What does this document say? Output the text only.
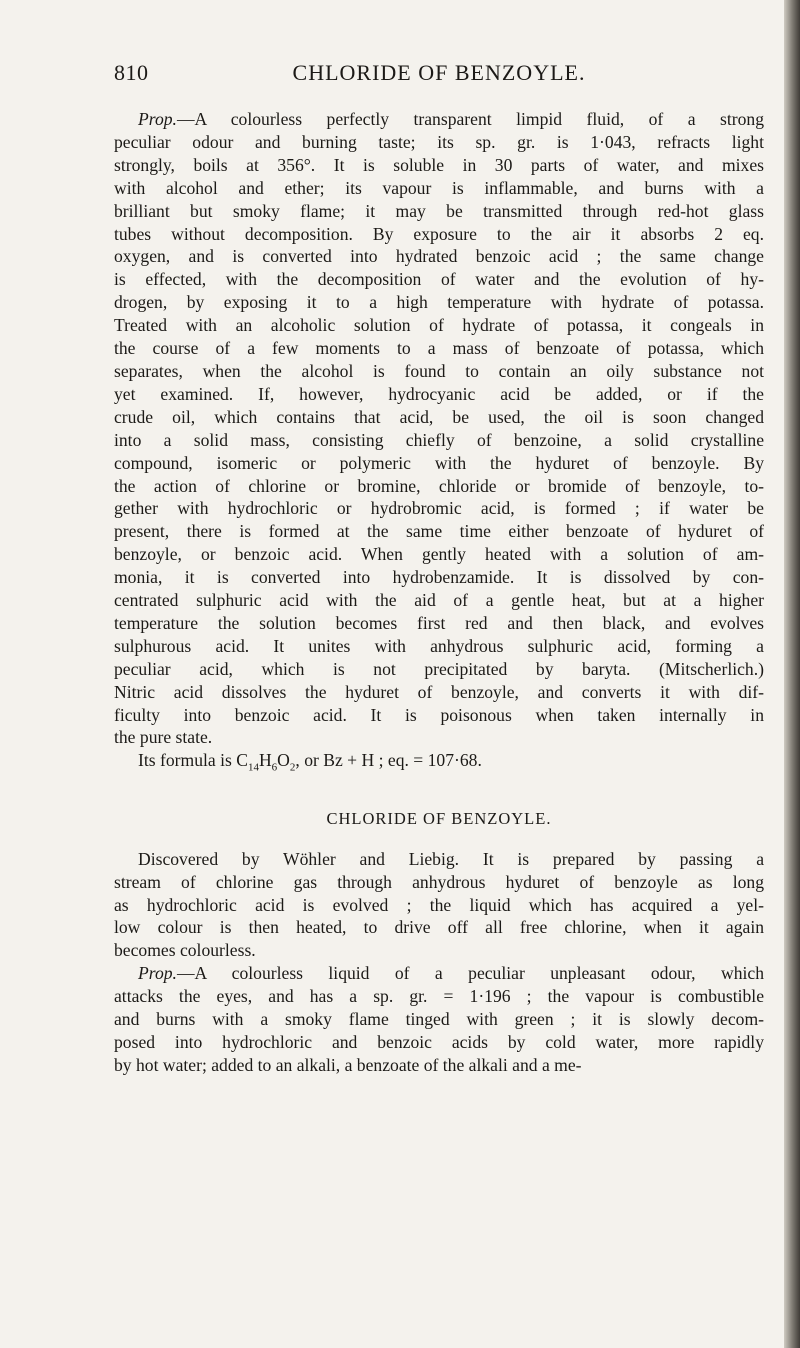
810	CHLORIDE OF BENZOYLE.
Prop.—A colourless perfectly transparent limpid fluid, of a strong
peculiar odour and burning taste; its sp. gr. is 1·043, refracts light
strongly, boils at 356°. It is soluble in 30 parts of water, and mixes
with alcohol and ether; its vapour is inflammable, and burns with a
brilliant but smoky flame; it may be transmitted through red-hot glass
tubes without decomposition. By exposure to the air it absorbs 2 eq.
oxygen, and is converted into hydrated benzoic acid ; the same change
is effected, with the decomposition of water and the evolution of hy-
drogen, by exposing it to a high temperature with hydrate of potassa.
Treated with an alcoholic solution of hydrate of potassa, it congeals in
the course of a few moments to a mass of benzoate of potassa, which
separates, when the alcohol is found to contain an oily substance not
yet examined. If, however, hydrocyanic acid be added, or if the
crude oil, which contains that acid, be used, the oil is soon changed
into a solid mass, consisting chiefly of benzoine, a solid crystalline
compound, isomeric or polymeric with the hyduret of benzoyle. By
the action of chlorine or bromine, chloride or bromide of benzoyle, to-
gether with hydrochloric or hydrobromic acid, is formed ; if water be
present, there is formed at the same time either benzoate of hyduret of
benzoyle, or benzoic acid. When gently heated with a solution of am-
monia, it is converted into hydrobenzamide. It is dissolved by con-
centrated sulphuric acid with the aid of a gentle heat, but at a higher
temperature the solution becomes first red and then black, and evolves
sulphurous acid. It unites with anhydrous sulphuric acid, forming a
peculiar acid, which is not precipitated by baryta. (Mitscherlich.)
Nitric acid dissolves the hyduret of benzoyle, and converts it with dif-
ficulty into benzoic acid. It is poisonous when taken internally in
the pure state.
Its formula is $C_{14}H_6O_2$, or Bz + H ; eq. = 107·68.

CHLORIDE OF BENZOYLE.

Discovered by Wöhler and Liebig. It is prepared by passing a
stream of chlorine gas through anhydrous hyduret of benzoyle as long
as hydrochloric acid is evolved ; the liquid which has acquired a yel-
low colour is then heated, to drive off all free chlorine, when it again
becomes colourless.
Prop.—A colourless liquid of a peculiar unpleasant odour, which
attacks the eyes, and has a sp. gr. = 1·196 ; the vapour is combustible
and burns with a smoky flame tinged with green ; it is slowly decom-
posed into hydrochloric and benzoic acids by cold water, more rapidly
by hot water; added to an alkali, a benzoate of the alkali and a me-
